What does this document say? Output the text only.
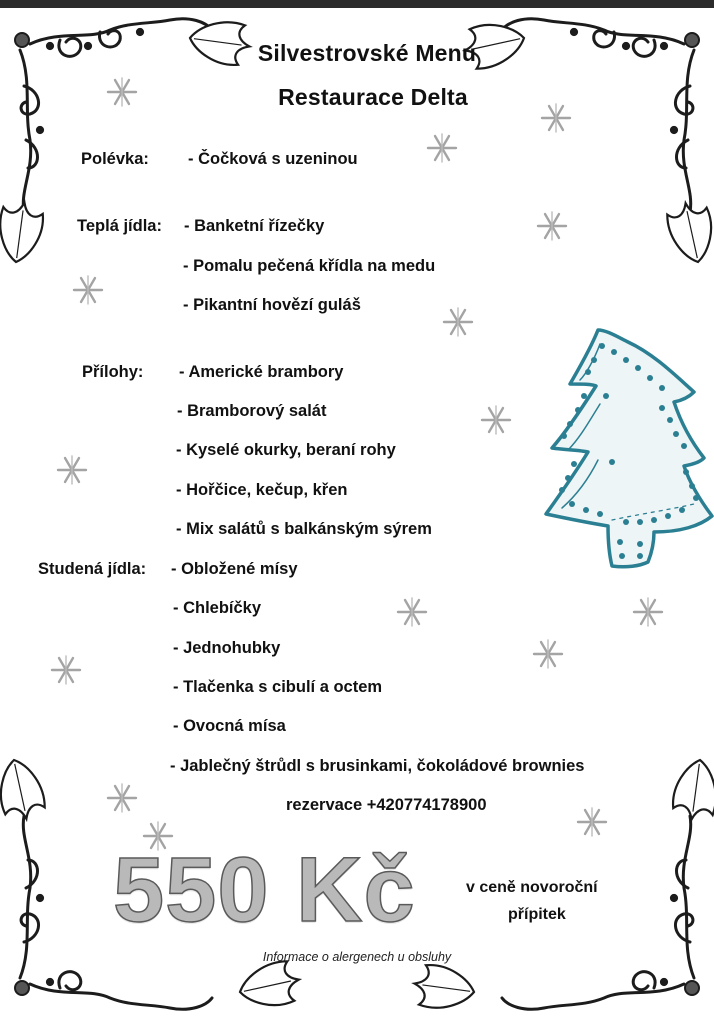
Silvestrovské Menu
Restaurace Delta
Polévka: - Čočková s uzeninou
Teplá jídla: - Banketní řízečky
- Pomalu pečená křídla na medu
- Pikantní hovězí guláš
Přílohy: - Americké brambory
- Bramborový salát
- Kyselé okurky, beraní rohy
- Hořčice, kečup, křen
- Mix salátů s balkánským sýrem
Studená jídla: - Obložené mísy
- Chlebíčky
- Jednohubky
- Tlačenka s cibulí a octem
- Ovocná mísa
- Jablečný štrůdl s brusinkami, čokoládové brownies
rezervace +420774178900
550 Kč	v ceně novoroční
přípitek
Informace o alergenech u obsluhy
